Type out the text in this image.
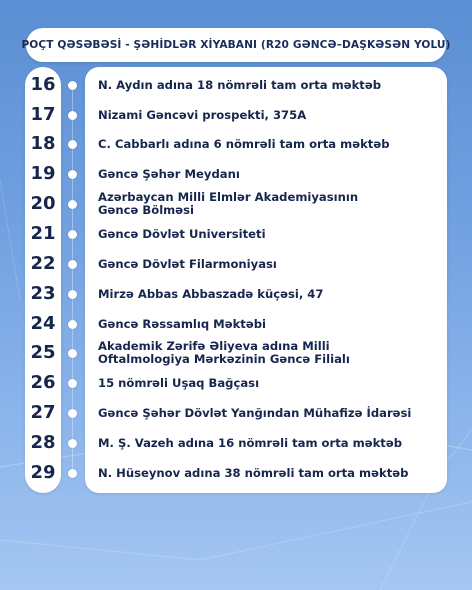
POÇT QƏSƏBƏSİ - ŞƏHİDLƏR XİYABANI (R20 GƏNCƏ–DAŞKƏSƏN YOLU)
16	N. Aydın adına 18 nömrəli tam orta məktəb
17	Nizami Gəncəvi prospekti, 375A
18	C. Cabbarlı adına 6 nömrəli tam orta məktəb
19	Gəncə Şəhər Meydanı
20	Azərbaycan Milli Elmlər Akademiyasının
Gəncə Bölməsi
21	Gəncə Dövlət Universiteti
22	Gəncə Dövlət Filarmoniyası
23	Mirzə Abbas Abbaszadə küçəsi, 47
24	Gəncə Rəssamlıq Məktəbi
25	Akademik Zərifə Əliyeva adına Milli
Oftalmologiya Mərkəzinin Gəncə Filialı
26	15 nömrəli Uşaq Bağçası
27	Gəncə Şəhər Dövlət Yanğından Mühafizə İdarəsi
28	M. Ş. Vazeh adına 16 nömrəli tam orta məktəb
29	N. Hüseynov adına 38 nömrəli tam orta məktəb
